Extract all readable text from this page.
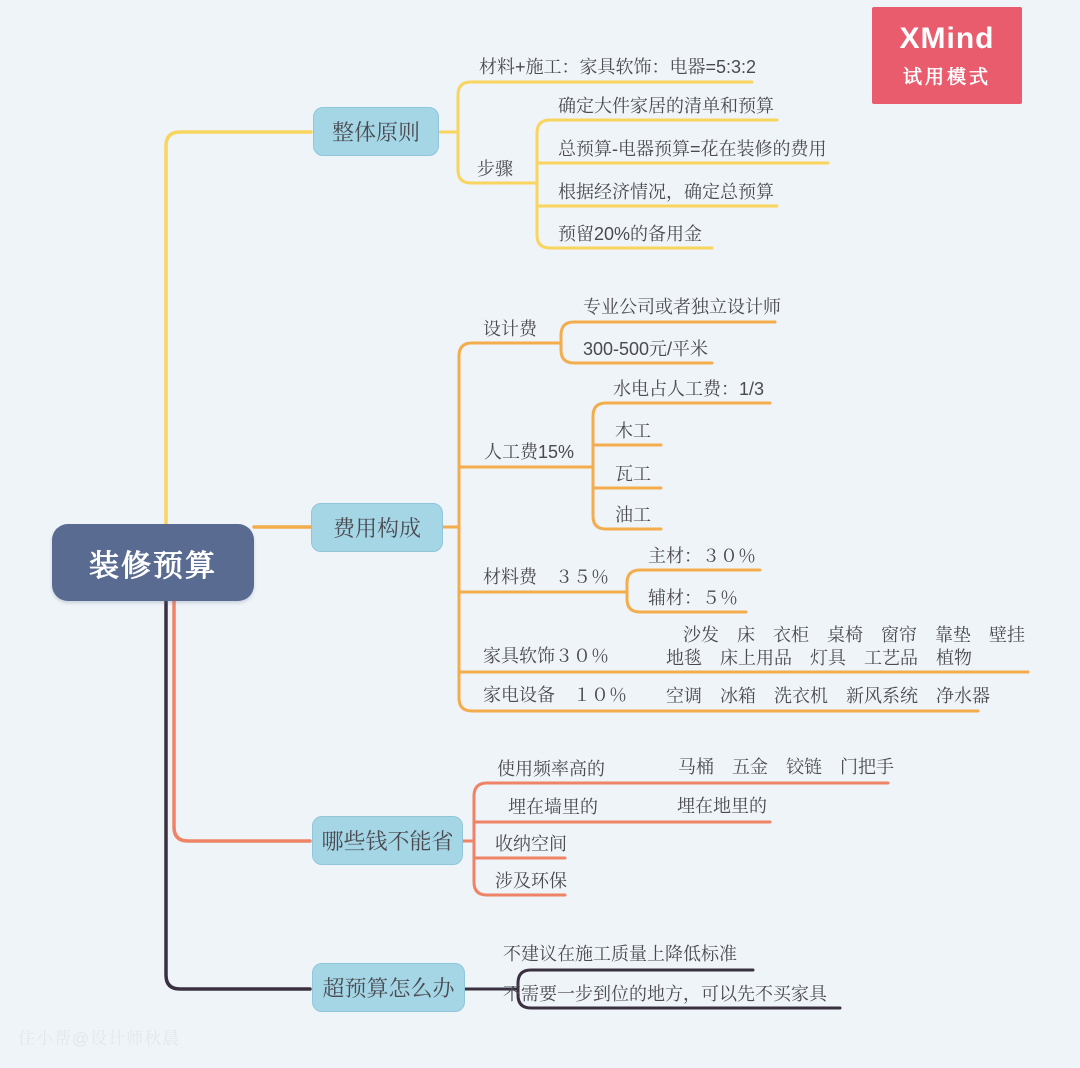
装修预算
整体原则
费用构成
哪些钱不能省
超预算怎么办
材料+施工：家具软饰：电器=5:3:2
步骤
确定大件家居的清单和预算
总预算-电器预算=花在装修的费用
根据经济情况，确定总预算
预留20%的备用金
设计费
专业公司或者独立设计师
300-500元/平米
人工费15%
水电占人工费：1/3
木工
瓦工
油工
材料费　３５％
主材：３０％
辅材：５％
家具软饰３０％
沙发　床　衣柜　桌椅　窗帘　靠垫　壁挂
地毯　床上用品　灯具　工艺品　植物
家电设备　１０％ 空调　冰箱　洗衣机　新风系统　净水器
使用频率高的	马桶　五金　铰链　门把手
埋在墙里的	埋在地里的
收纳空间
涉及环保
不建议在施工质量上降低标准
不需要一步到位的地方，可以先不买家具
XMind
试用模式
住小帮@设计师秋晨
